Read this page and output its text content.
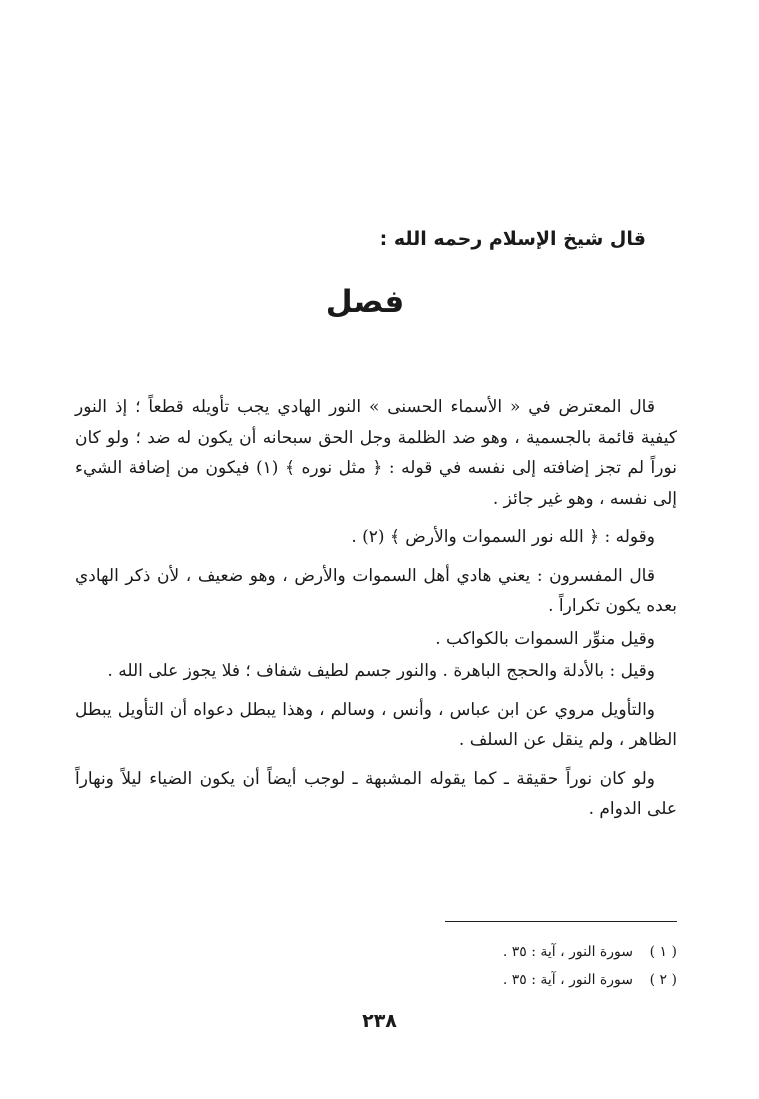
قال شيخ الإسلام رحمه الله :
فصل

قال المعترض في « الأسماء الحسنى » النور الهادي يجب تأويله قطعاً ؛ إذ النور كيفية قائمة بالجسمية ، وهو ضد الظلمة وجل الحق سبحانه أن يكون له ضد ؛ ولو كان نوراً لم تجز إضافته إلى نفسه في قوله : ﴿ مثل نوره ﴾ (١) فيكون من إضافة الشيء إلى نفسه ، وهو غير جائز .

وقوله : ﴿ الله نور السموات والأرض ﴾ (٢) .

قال المفسرون : يعني هادي أهل السموات والأرض ، وهو ضعيف ، لأن ذكر الهادي بعده يكون تكراراً .

وقيل منوِّر السموات بالكواكب .

وقيل : بالأدلة والحجج الباهرة . والنور جسم لطيف شفاف ؛ فلا يجوز على الله .

والتأويل مروي عن ابن عباس ، وأنس ، وسالم ، وهذا يبطل دعواه أن التأويل يبطل الظاهر ، ولم ينقل عن السلف .

ولو كان نوراً حقيقة ـ كما يقوله المشبهة ـ لوجب أيضاً أن يكون الضياء ليلاً ونهاراً على الدوام .

( ١ )
سورة النور ، آية : ٣٥ .
( ٢ )
سورة النور ، آية : ٣٥ .
٢٣٨
